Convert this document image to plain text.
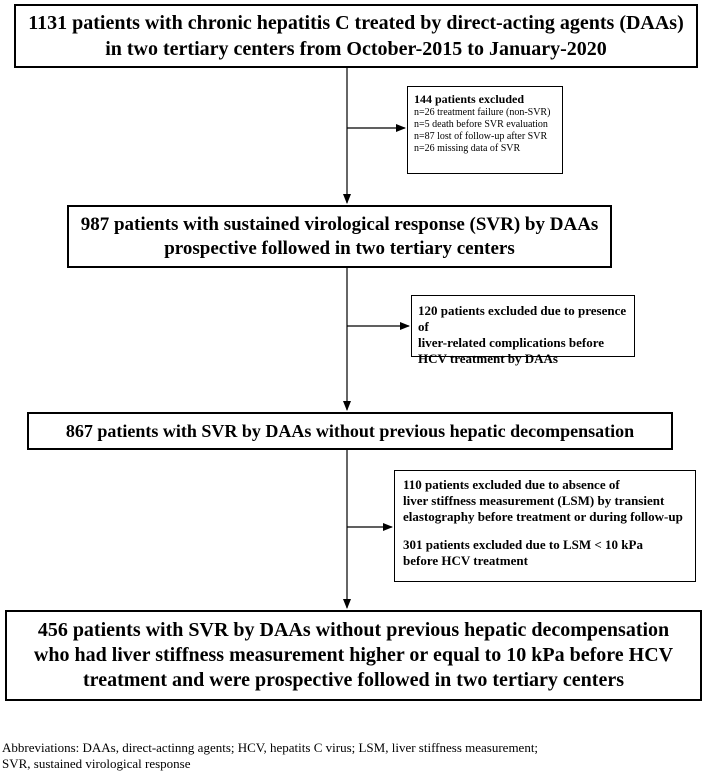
1131 patients with chronic hepatitis C treated by direct-acting agents (DAAs)
in two tertiary centers from October-2015 to January-2020
144 patients excluded
n=26 treatment failure (non-SVR)
n=5 death before SVR evaluation
n=87 lost of follow-up after SVR
n=26 missing data of SVR
987 patients with sustained virological response (SVR) by DAAs
prospective followed in two tertiary centers
120 patients excluded due to presence of
liver-related complications before
HCV treatment by DAAs
867 patients with SVR by DAAs without previous hepatic decompensation
110 patients excluded due to absence of
liver stiffness measurement (LSM) by transient
elastography before treatment or during follow-up
301 patients excluded due to LSM < 10 kPa
before HCV treatment
456 patients with SVR by DAAs without previous hepatic decompensation
who had liver stiffness measurement higher or equal to 10 kPa before HCV
treatment and were prospective followed in two tertiary centers
Abbreviations: DAAs, direct-actinng agents; HCV, hepatits C virus; LSM, liver stiffness measurement;
SVR, sustained virological response
